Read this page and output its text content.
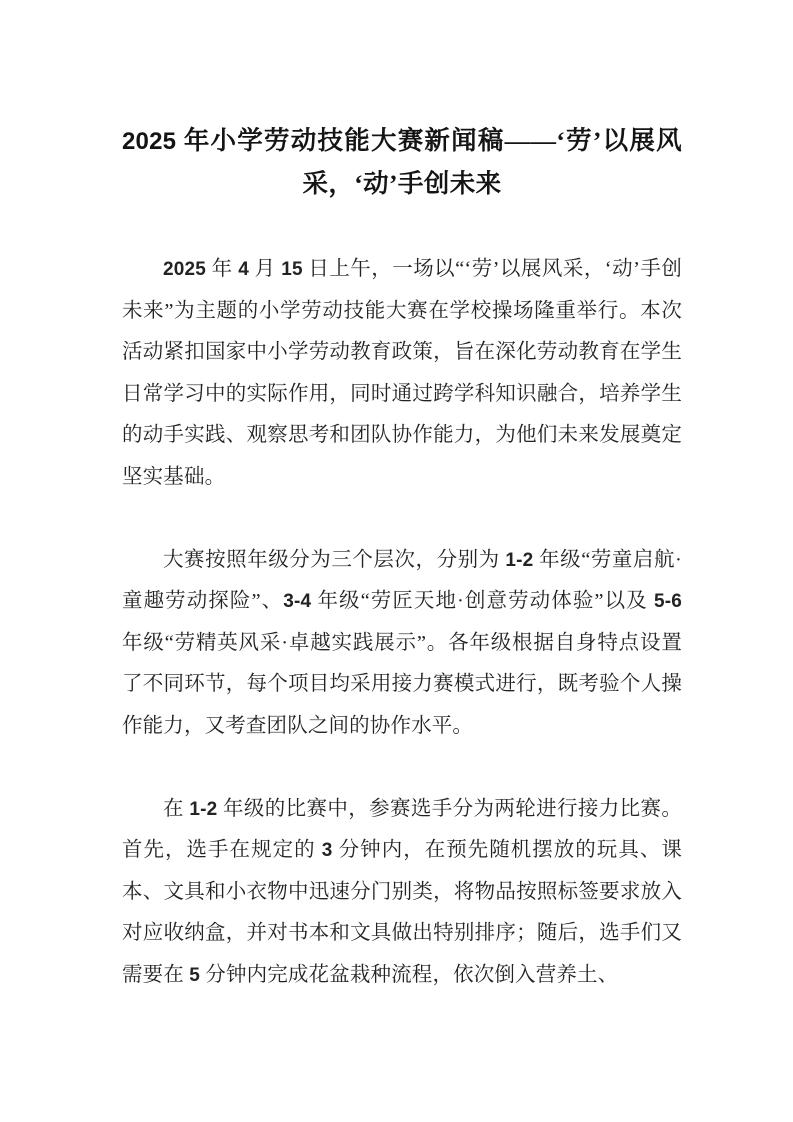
2025 年小学劳动技能大赛新闻稿——‘劳’以展风采，‘动’手创未来

2025 年 4 月 15 日上午，一场以“‘劳’以展风采，‘动’手创未来”为主题的小学劳动技能大赛在学校操场隆重举行。本次活动紧扣国家中小学劳动教育政策，旨在深化劳动教育在学生日常学习中的实际作用，同时通过跨学科知识融合，培养学生的动手实践、观察思考和团队协作能力，为他们未来发展奠定坚实基础。

大赛按照年级分为三个层次，分别为 1-2 年级“劳童启航·童趣劳动探险”、3-4 年级“劳匠天地·创意劳动体验”以及 5-6 年级“劳精英风采·卓越实践展示”。各年级根据自身特点设置了不同环节，每个项目均采用接力赛模式进行，既考验个人操作能力，又考查团队之间的协作水平。

在 1-2 年级的比赛中，参赛选手分为两轮进行接力比赛。首先，选手在规定的 3 分钟内，在预先随机摆放的玩具、课本、文具和小衣物中迅速分门别类，将物品按照标签要求放入对应收纳盒，并对书本和文具做出特别排序；随后，选手们又需要在 5 分钟内完成花盆栽种流程，依次倒入营养土、
